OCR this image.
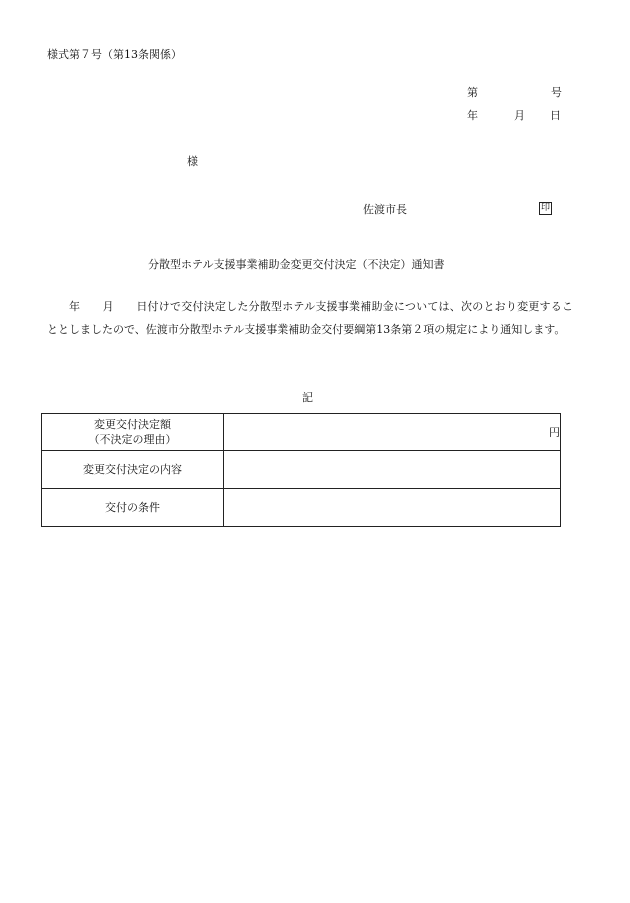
様式第７号（第13条関係）
第	号
年	月 日
様
佐渡市長	印
分散型ホテル支援事業補助金変更交付決定（不決定）通知書
年　　月　　日付けで交付決定した分散型ホテル支援事業補助金については、次のとおり変更することとしましたので、佐渡市分散型ホテル支援事業補助金交付要綱第13条第２項の規定により通知します。
記
変更交付決定額
（不決定の理由）	円
変更交付決定の内容	
交付の条件	
